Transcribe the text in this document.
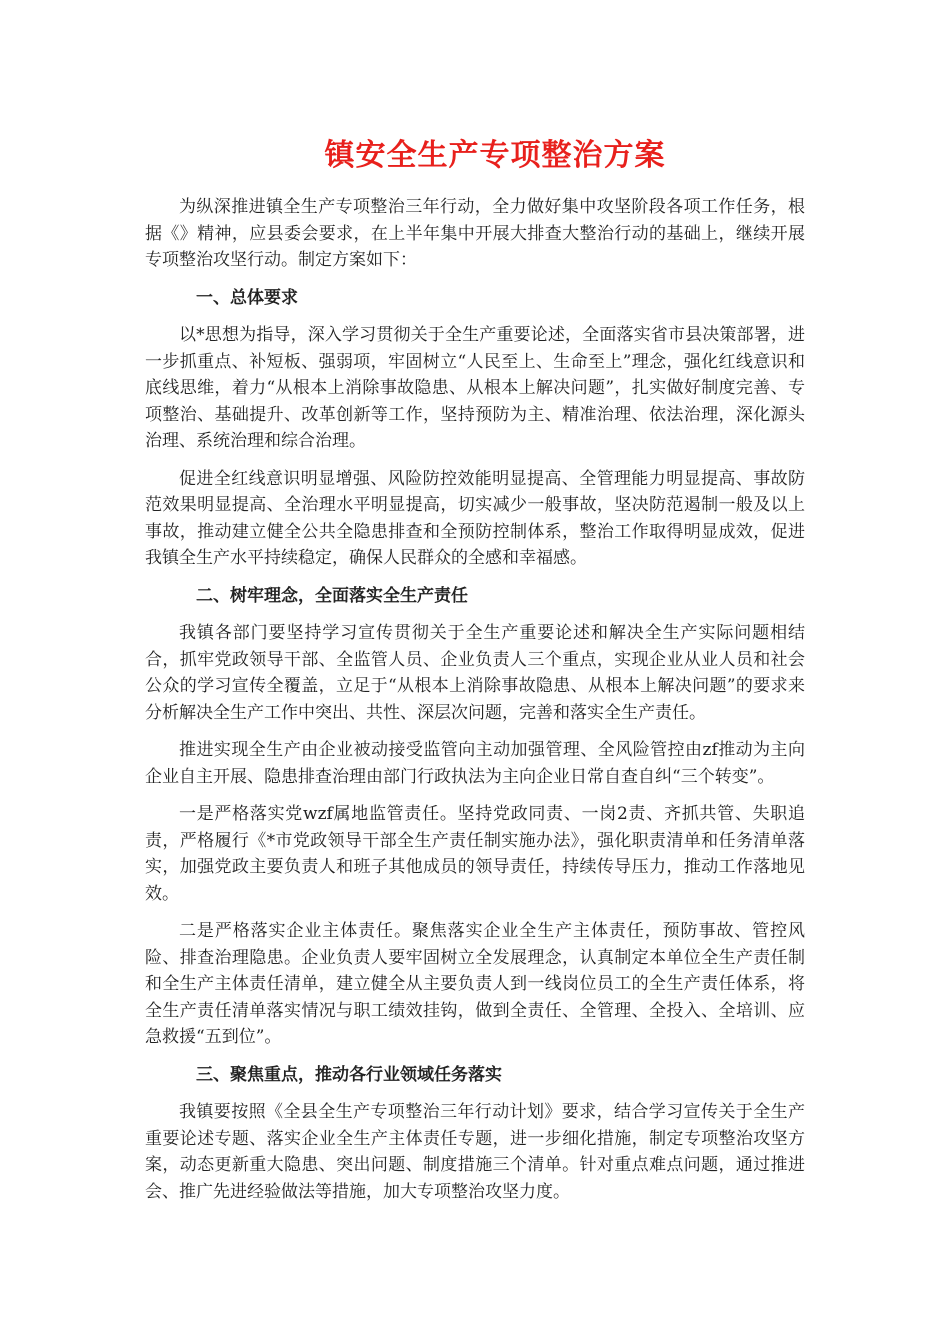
镇安全生产专项整治方案

为纵深推进镇全生产专项整治三年行动，全力做好集中攻坚阶段各项工作任务，根据《》精神，应县委会要求，在上半年集中开展大排查大整治行动的基础上，继续开展专项整治攻坚行动。制定方案如下：

一、总体要求

以*思想为指导，深入学习贯彻关于全生产重要论述，全面落实省市县决策部署，进一步抓重点、补短板、强弱项，牢固树立“人民至上、生命至上”理念，强化红线意识和底线思维，着力“从根本上消除事故隐患、从根本上解决问题”，扎实做好制度完善、专项整治、基础提升、改革创新等工作，坚持预防为主、精准治理、依法治理，深化源头治理、系统治理和综合治理。

促进全红线意识明显增强、风险防控效能明显提高、全管理能力明显提高、事故防范效果明显提高、全治理水平明显提高，切实减少一般事故，坚决防范遏制一般及以上事故，推动建立健全公共全隐患排查和全预防控制体系，整治工作取得明显成效，促进我镇全生产水平持续稳定，确保人民群众的全感和幸福感。

二、树牢理念，全面落实全生产责任

我镇各部门要坚持学习宣传贯彻关于全生产重要论述和解决全生产实际问题相结合，抓牢党政领导干部、全监管人员、企业负责人三个重点，实现企业从业人员和社会公众的学习宣传全覆盖，立足于“从根本上消除事故隐患、从根本上解决问题”的要求来分析解决全生产工作中突出、共性、深层次问题，完善和落实全生产责任。

推进实现全生产由企业被动接受监管向主动加强管理、全风险管控由zf推动为主向企业自主开展、隐患排查治理由部门行政执法为主向企业日常自查自纠“三个转变”。

一是严格落实党wzf属地监管责任。坚持党政同责、一岗2责、齐抓共管、失职追责，严格履行《*市党政领导干部全生产责任制实施办法》，强化职责清单和任务清单落实，加强党政主要负责人和班子其他成员的领导责任，持续传导压力，推动工作落地见效。

二是严格落实企业主体责任。聚焦落实企业全生产主体责任，预防事故、管控风险、排查治理隐患。企业负责人要牢固树立全发展理念，认真制定本单位全生产责任制和全生产主体责任清单，建立健全从主要负责人到一线岗位员工的全生产责任体系，将全生产责任清单落实情况与职工绩效挂钩，做到全责任、全管理、全投入、全培训、应急救援“五到位”。

三、聚焦重点，推动各行业领域任务落实

我镇要按照《全县全生产专项整治三年行动计划》要求，结合学习宣传关于全生产重要论述专题、落实企业全生产主体责任专题，进一步细化措施，制定专项整治攻坚方案，动态更新重大隐患、突出问题、制度措施三个清单。针对重点难点问题，通过推进会、推广先进经验做法等措施，加大专项整治攻坚力度。
